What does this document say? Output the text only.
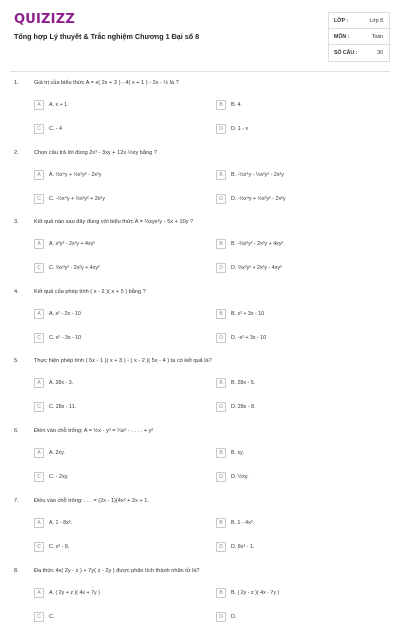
QUIZIZZ
Tổng hợp Lý thuyết & Trắc nghiệm Chương 1 Đại số 8
LỚP :	Lớp 8
MÔN :	Toán
SỐ CÂU :	30
1.	Giá trị của biểu thức A = x( 2x + 3 ) - 4( x + 1 ) - 2x - ½ là ?
A	A. x + 1.	B	B. 4.
C	C. - 4	D	D. 1 - x
2.	Chọn câu trả lời đúng 2x³ - 3xy + 12x·½xy bằng ?
A	A. ½x⁴y + ½x²y² - 2x²y	B	B. -½x⁴y - ½x²y² - 2x²y
C	C. -½x⁴y + ½x²y² + 2x²y	D	D. -½x⁴y + ½x²y² - 2x²y
3.	Kết quả nào sau đây đúng với biểu thức A = ⅔xyx²y - 5x + 10y ?
A	A. x³y² - 2x²y + 4xy²	B	B. -⅔x³y² - 2x²y + 4xy²
C	C. ⅔x³y² - 2x²y + 4xy²	D	D. ⅔x³y² + 2x²y - 4xy²
4.	Kết quả của phép tính ( x - 2 )( x + 5 ) bằng ?
A	A. x² - 2x - 10	B	B. x² + 3x - 10
C	C. x² - 3x - 10	D	D. -x² + 3x - 10
5.	Thực hiện phép tính ( 5x - 1 )( x + 3 ) - ( x - 2 )( 5x - 4 ) ta có kết quả là?
A	A. 28x - 3.	B	B. 28x - 5.
C	C. 28x - 11.	D	D. 28x - 8.
6.	Điền vào chỗ trống: A = ½x - y² = ¼x² - . . . . + y²
A	A. 2xy.	B	B. xy.
C	C. - 2xy.	D	D. ½xy.
7.	Điều vào chỗ trống: . . . = (2x - 1)(4x² + 2x + 1.
A	A. 1 - 8x³.	B	B. 1 - 4x³.
C	C. x³ - 8.	D	D. 8x³ - 1.
8.	Đa thức 4x( 2y - z ) + 7y( z - 2y ) được phân tích thành nhân tử là?
A	A. ( 2y + z )( 4x + 7y )	B	B. ( 2y - z )( 4x - 7y )
C	C.	D	D.
